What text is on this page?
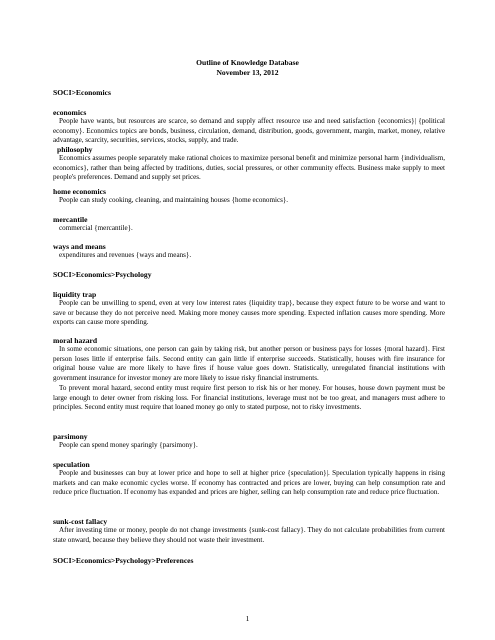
Outline of Knowledge Database
November 13, 2012
SOCI>Economics
economics

People have wants, but resources are scarce, so demand and supply affect resource use and need satisfaction {economics}| {political economy}. Economics topics are bonds, business, circulation, demand, distribution, goods, government, margin, market, money, relative advantage, scarcity, securities, services, stocks, supply, and trade.

philosophy

Economics assumes people separately make rational choices to maximize personal benefit and minimize personal harm {individualism, economics}, rather than being affected by traditions, duties, social pressures, or other community effects. Business make supply to meet people's preferences. Demand and supply set prices.

home economics

People can study cooking, cleaning, and maintaining houses {home economics}.

mercantile

commercial {mercantile}.

ways and means

expenditures and revenues {ways and means}.

SOCI>Economics>Psychology
liquidity trap

People can be unwilling to spend, even at very low interest rates {liquidity trap}, because they expect future to be worse and want to save or because they do not perceive need. Making more money causes more spending. Expected inflation causes more spending. More exports can cause more spending.

moral hazard

In some economic situations, one person can gain by taking risk, but another person or business pays for losses {moral hazard}. First person loses little if enterprise fails. Second entity can gain little if enterprise succeeds. Statistically, houses with fire insurance for original house value are more likely to have fires if house value goes down. Statistically, unregulated financial institutions with government insurance for investor money are more likely to issue risky financial instruments.

To prevent moral hazard, second entity must require first person to risk his or her money. For houses, house down payment must be large enough to deter owner from risking loss. For financial institutions, leverage must not be too great, and managers must adhere to principles. Second entity must require that loaned money go only to stated purpose, not to risky investments.

parsimony

People can spend money sparingly {parsimony}.

speculation

People and businesses can buy at lower price and hope to sell at higher price {speculation}|. Speculation typically happens in rising markets and can make economic cycles worse. If economy has contracted and prices are lower, buying can help consumption rate and reduce price fluctuation. If economy has expanded and prices are higher, selling can help consumption rate and reduce price fluctuation.

sunk-cost fallacy

After investing time or money, people do not change investments {sunk-cost fallacy}. They do not calculate probabilities from current state onward, because they believe they should not waste their investment.

SOCI>Economics>Psychology>Preferences
1
